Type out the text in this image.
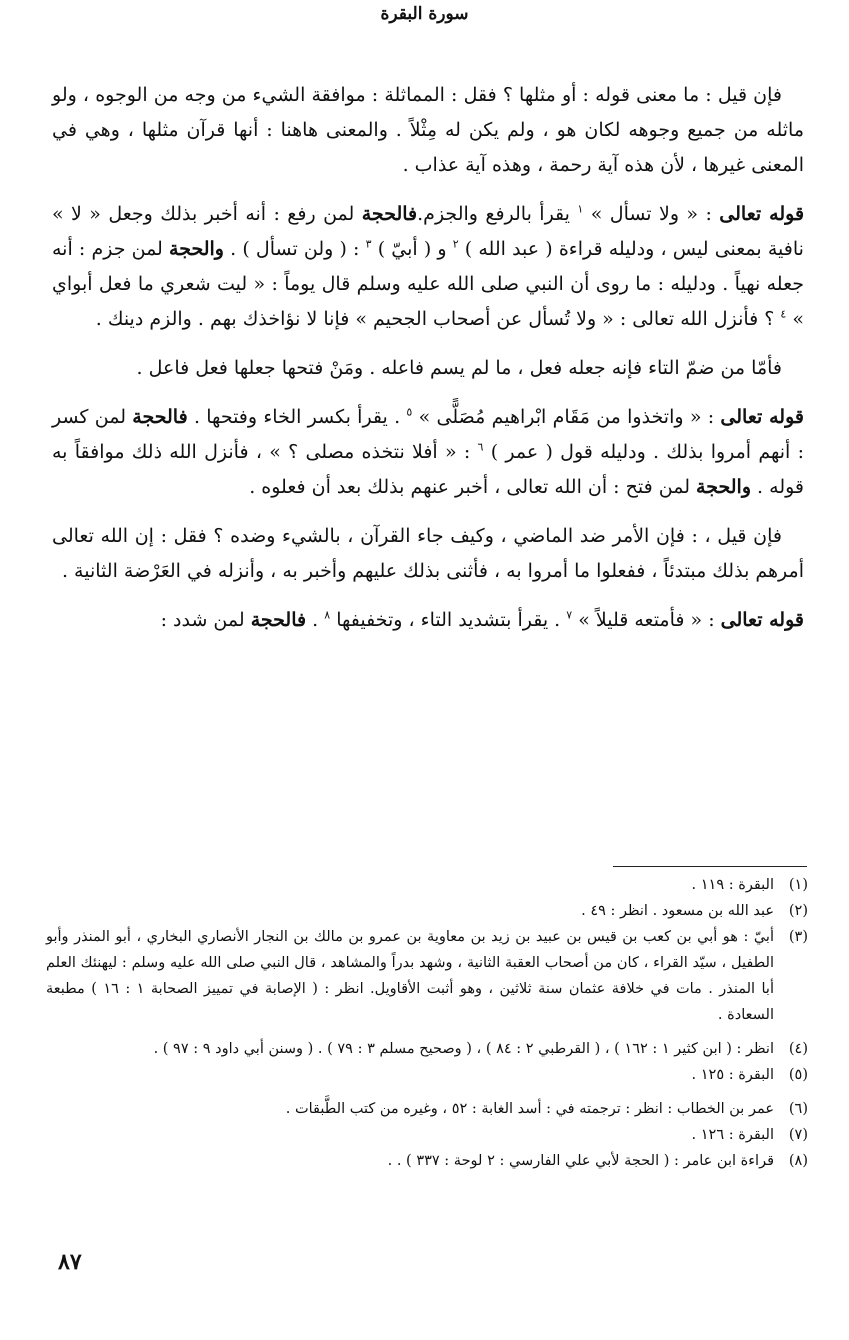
سورة البقرة

فإن قيل : ما معنى قوله : أو مثلها ؟ فقل : المماثلة : موافقة الشيء من وجه من الوجوه ، ولو ماثله من جميع وجوهه لكان هو ، ولم يكن له مِثْلاً . والمعنى هاهنا : أنها قرآن مثلها ، وهي في المعنى غيرها ، لأن هذه آية رحمة ، وهذه آية عذاب .

قوله تعالى : « ولا تسأل » $^١$ يقرأ بالرفع والجزم.فالحجة لمن رفع : أنه أخبر بذلك وجعل « لا » نافية بمعنى ليس ، ودليله قراءة ( عبد الله ) $^٢$ و ( أبيّ ) $^٣$ : ( ولن تسأل ) . والحجة لمن جزم : أنه جعله نهياً . ودليله : ما روى أن النبي صلى الله عليه وسلم قال يوماً : « ليت شعري ما فعل أبواي » $^٤$ ؟ فأنزل الله تعالى : « ولا تُسأل عن أصحاب الجحيم » فإنا لا نؤاخذك بهم . والزم دينك .

فأمّا من ضمّ التاء فإنه جعله فعل ، ما لم يسم فاعله . ومَنْ فتحها جعلها فعل فاعل .

قوله تعالى : « واتخذوا من مَقَام ابْراهيم مُصَلًّى » $^٥$ . يقرأ بكسر الخاء وفتحها . فالحجة لمن كسر : أنهم أمروا بذلك . ودليله قول ( عمر ) $^٦$ : « أفلا نتخذه مصلى ؟ » ، فأنزل الله ذلك موافقاً به قوله . والحجة لمن فتح : أن الله تعالى ، أخبر عنهم بذلك بعد أن فعلوه .

فإن قيل ، : فإن الأمر ضد الماضي ، وكيف جاء القرآن ، بالشيء وضده ؟ فقل : إن الله تعالى أمرهم بذلك مبتدئاً ، ففعلوا ما أمروا به ، فأثنى بذلك عليهم وأخبر به ، وأنزله في العَرْضة الثانية .

قوله تعالى : « فأمتعه قليلاً » $^٧$ . يقرأ بتشديد التاء ، وتخفيفها $^٨$ . فالحجة لمن شدد :

(١)
البقرة : ١١٩ .
(٢)
عبد الله بن مسعود . انظر : ٤٩ .
(٣)
أبيّ : هو أبي بن كعب بن قيس بن عبيد بن زيد بن معاوية بن عمرو بن مالك بن النجار الأنصاري البخاري ، أبو المنذر وأبو الطفيل ، سيّد القراء ، كان من أصحاب العقبة الثانية ، وشهد بدراً والمشاهد ، قال النبي صلى الله عليه وسلم : ليهنئك العلم أبا المنذر . مات في خلافة عثمان سنة ثلاثين ، وهو أثبت الأقاويل. انظر : ( الإصابة في تمييز الصحابة ١ : ١٦ ) مطبعة السعادة .
(٤)
انظر : ( ابن كثير ١ : ١٦٢ ) ، ( القرطبي ٢ : ٨٤ ) ، ( وصحيح مسلم ٣ : ٧٩ ) . ( وسنن أبي داود ٩ : ٩٧ ) .
(٥)
البقرة : ١٢٥ .
(٦)
عمر بن الخطاب : انظر : ترجمته في : أسد الغابة : ٥٢ ، وغيره من كتب الطَّبقات .
(٧)
البقرة : ١٢٦ .
(٨)
قراءة ابن عامر : ( الحجة لأبي علي الفارسي : ٢ لوحة : ٣٣٧ ) . .
٨٧
